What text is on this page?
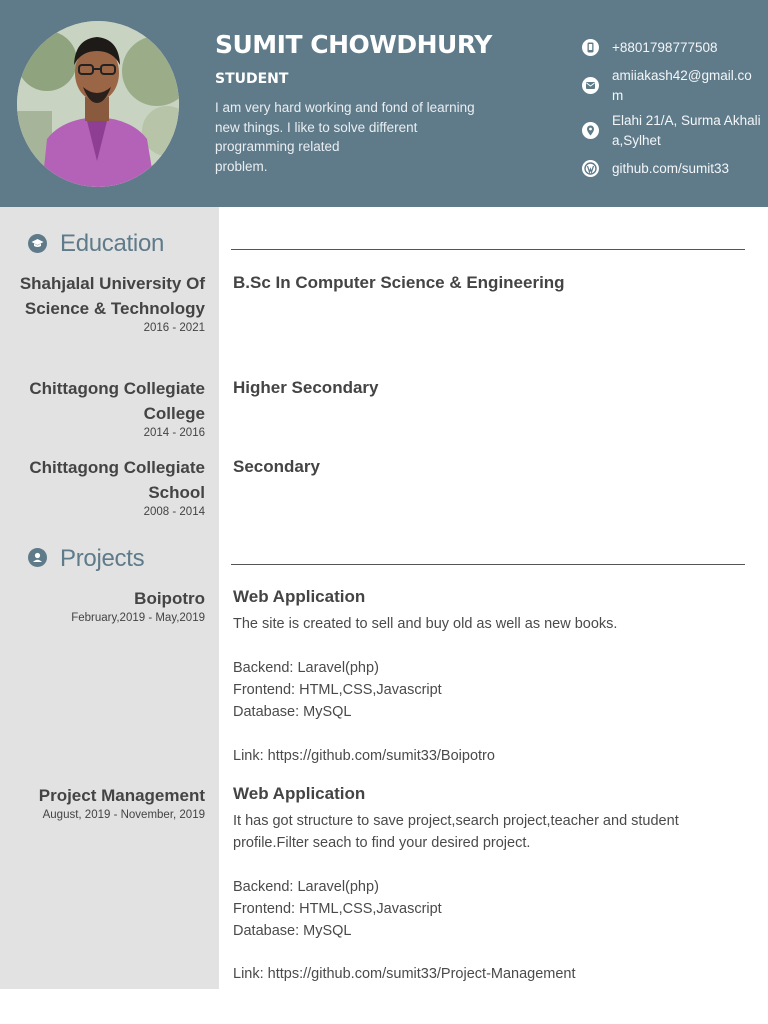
SUMIT CHOWDHURY
STUDENT
I am very hard working and fond of learning
new things. I like to solve different
programming related
problem.
+8801798777508
amiiakash42@gmail.com
Elahi 21/A, Surma Akhalia,Sylhet
github.com/sumit33
Education
Shahjalal University Of Science & Technology
2016 - 2021
B.Sc In Computer Science & Engineering
Chittagong Collegiate College
2014 - 2016
Higher Secondary
Chittagong Collegiate School
2008 - 2014
Secondary
Projects
Boipotro
February,2019 - May,2019
Web Application
The site is created to sell and buy old as well as new books.
Backend: Laravel(php)
Frontend: HTML,CSS,Javascript
Database: MySQL
Link: https://github.com/sumit33/Boipotro
Project Management
August, 2019 - November, 2019
Web Application
It has got structure to save project,search project,teacher and student profile.Filter seach to find your desired project.
Backend: Laravel(php)
Frontend: HTML,CSS,Javascript
Database: MySQL
Link: https://github.com/sumit33/Project-Management
